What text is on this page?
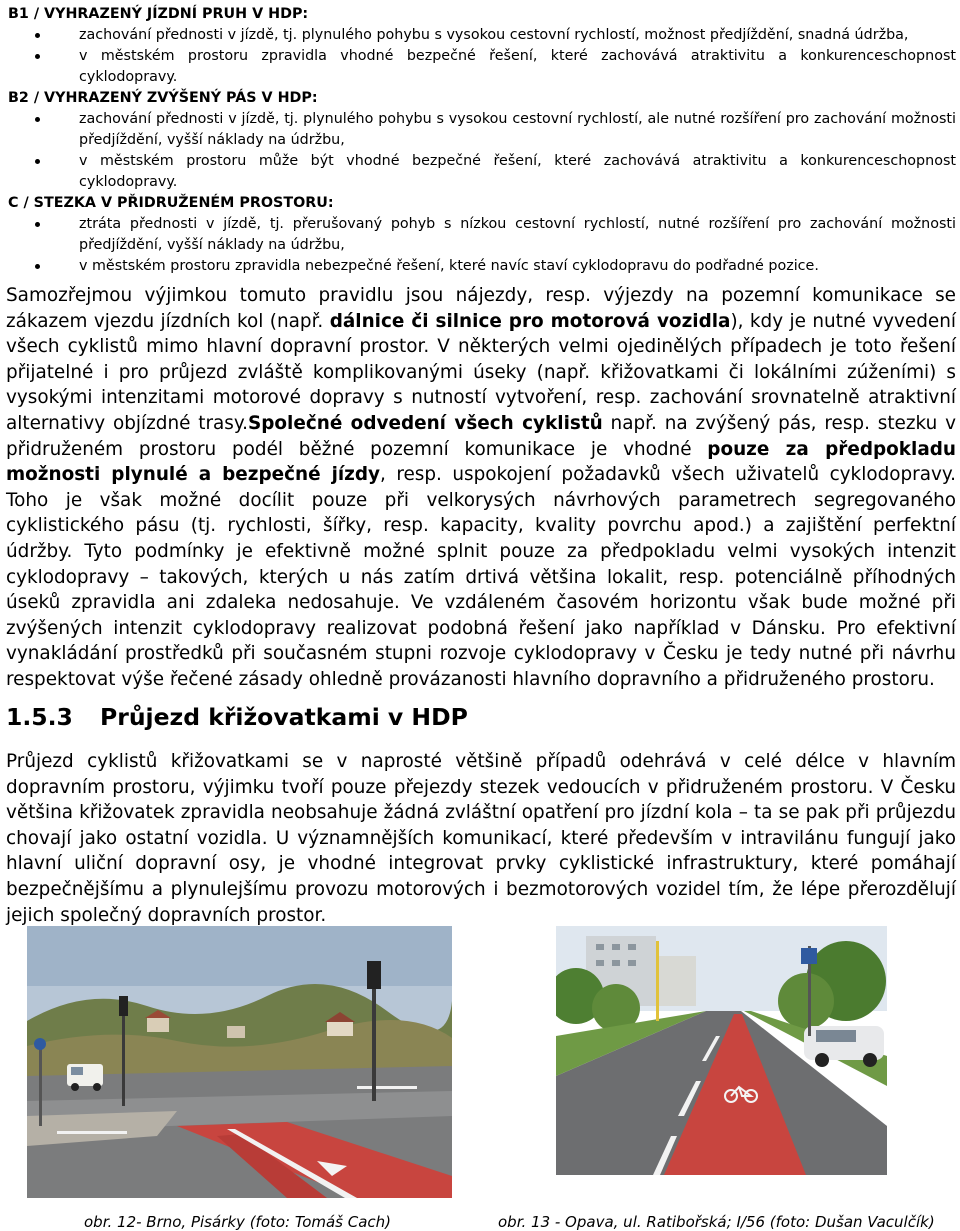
B1 / VYHRAZENÝ JÍZDNÍ PRUH V HDP:

zachování přednosti v jízdě, tj. plynulého pohybu s vysokou cestovní rychlostí, možnost předjíždění, snadná údržba,
v městském prostoru zpravidla vhodné bezpečné řešení, které zachovává atraktivitu a konkurenceschopnost cyklodopravy.

B2 / VYHRAZENÝ ZVÝŠENÝ PÁS V HDP:

zachování přednosti v jízdě, tj. plynulého pohybu s vysokou cestovní rychlostí, ale nutné rozšíření pro zachování možnosti předjíždění, vyšší náklady na údržbu,
v městském prostoru může být vhodné bezpečné řešení, které zachovává atraktivitu a konkurenceschopnost cyklodopravy.

C / STEZKA V PŘIDRUŽENÉM PROSTORU:

ztráta přednosti v jízdě, tj. přerušovaný pohyb s nízkou cestovní rychlostí, nutné rozšíření pro zachování možnosti předjíždění, vyšší náklady na údržbu,
v městském prostoru zpravidla nebezpečné řešení, které navíc staví cyklodopravu do podřadné pozice.

Samozřejmou výjimkou tomuto pravidlu jsou nájezdy, resp. výjezdy na pozemní komunikace se zákazem vjezdu jízdních kol (např. dálnice či silnice pro motorová vozidla), kdy je nutné vyvedení všech cyklistů mimo hlavní dopravní prostor. V některých velmi ojedinělých případech je toto řešení přijatelné i pro průjezd zvláště komplikovanými úseky (např. křižovatkami či lokálními zúženími) s vysokými intenzitami motorové dopravy s nutností vytvoření, resp. zachování srovnatelně atraktivní alternativy objízdné trasy.Společné odvedení všech cyklistů např. na zvýšený pás, resp. stezku v přidruženém prostoru podél běžné pozemní komunikace je vhodné pouze za předpokladu možnosti plynulé a bezpečné jízdy, resp. uspokojení požadavků všech uživatelů cyklodopravy. Toho je však možné docílit pouze při velkorysých návrhových parametrech segregovaného cyklistického pásu (tj. rychlosti, šířky, resp. kapacity, kvality povrchu apod.) a zajištění perfektní údržby. Tyto podmínky je efektivně možné splnit pouze za předpokladu velmi vysokých intenzit cyklodopravy – takových, kterých u nás zatím drtivá většina lokalit, resp. potenciálně příhodných úseků zpravidla ani zdaleka nedosahuje. Ve vzdáleném časovém horizontu však bude možné při zvýšených intenzit cyklodopravy realizovat podobná řešení jako například v Dánsku. Pro efektivní vynakládání prostředků při současném stupni rozvoje cyklodopravy v Česku je tedy nutné při návrhu respektovat výše řečené zásady ohledně provázanosti hlavního dopravního a přidruženého prostoru.

1.5.3 Průjezd křižovatkami v HDP

Průjezd cyklistů křižovatkami se v naprosté většině případů odehrává v celé délce v hlavním dopravním prostoru, výjimku tvoří pouze přejezdy stezek vedoucích v přidruženém prostoru. V Česku většina křižovatek zpravidla neobsahuje žádná zvláštní opatření pro jízdní kola – ta se pak při průjezdu chovají jako ostatní vozidla. U významnějších komunikací, které především v intravilánu fungují jako hlavní uliční dopravní osy, je vhodné integrovat prvky cyklistické infrastruktury, které pomáhají bezpečnějšímu a plynulejšímu provozu motorových i bezmotorových vozidel tím, že lépe přerozdělují jejich společný dopravních prostor.

obr. 12- Brno, Pisárky (foto: Tomáš Cach)	obr. 13 - Opava, ul. Ratibořská; I/56 (foto: Dušan Vaculčík)
